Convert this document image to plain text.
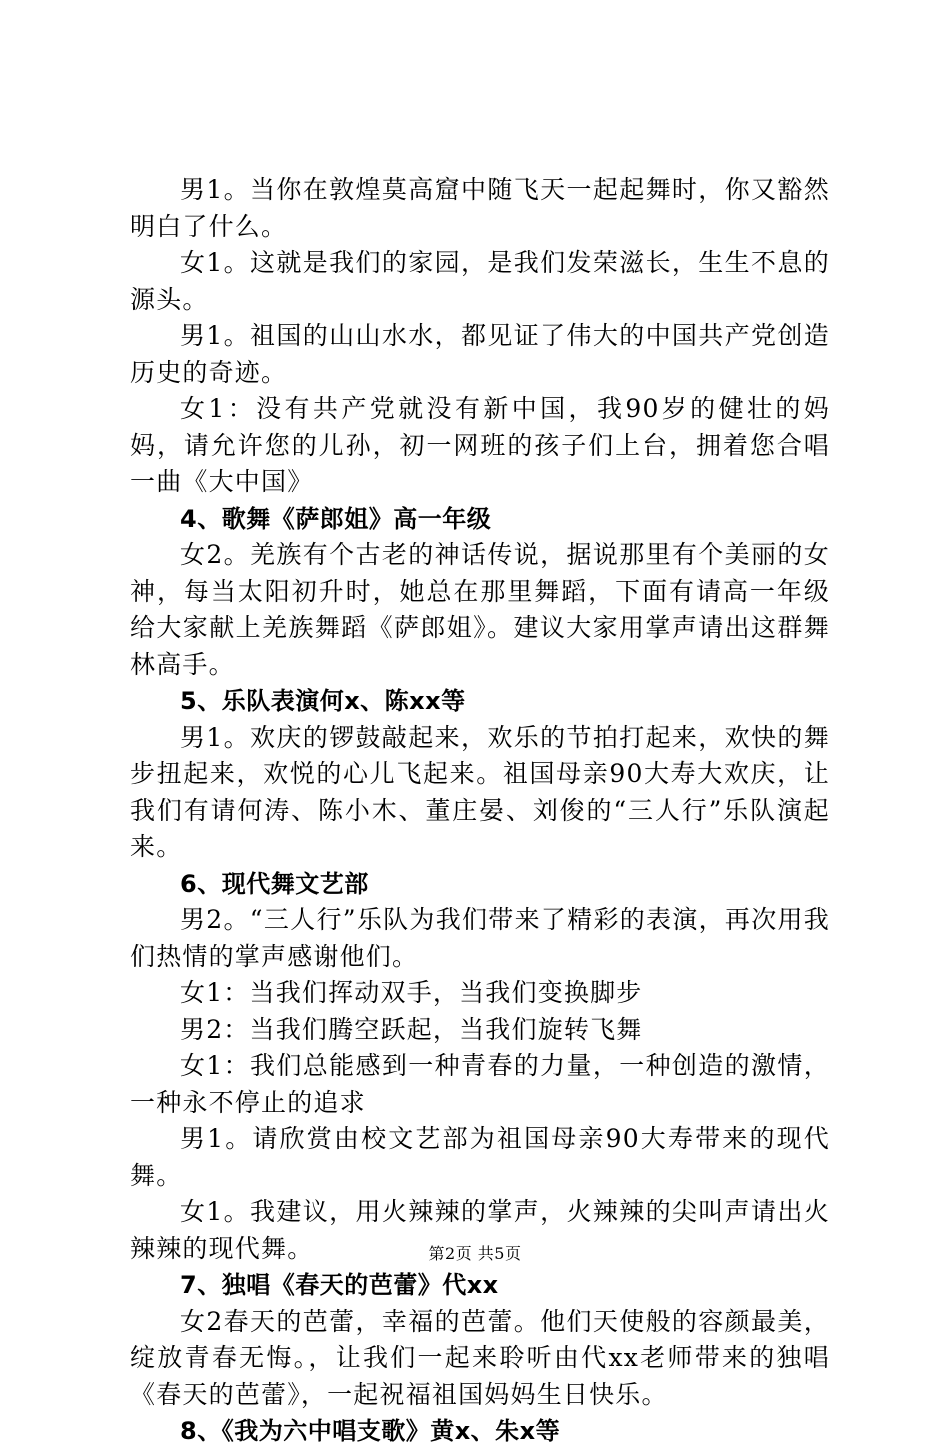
男1。当你在敦煌莫高窟中随飞天一起起舞时，你又豁然明白了什么。

女1。这就是我们的家园，是我们发荣滋长，生生不息的源头。

男1。祖国的山山水水，都见证了伟大的中国共产党创造历史的奇迹。

女1：没有共产党就没有新中国，我90岁的健壮的妈妈，请允许您的儿孙，初一网班的孩子们上台，拥着您合唱一曲《大中国》

4、歌舞《萨郎姐》高一年级

女2。羌族有个古老的神话传说，据说那里有个美丽的女神，每当太阳初升时，她总在那里舞蹈，下面有请高一年级给大家献上羌族舞蹈《萨郎姐》。建议大家用掌声请出这群舞林高手。

5、乐队表演何x、陈xx等

男1。欢庆的锣鼓敲起来，欢乐的节拍打起来，欢快的舞步扭起来，欢悦的心儿飞起来。祖国母亲90大寿大欢庆，让我们有请何涛、陈小木、董庄晏、刘俊的“三人行”乐队演起来。

6、现代舞文艺部

男2。“三人行”乐队为我们带来了精彩的表演，再次用我们热情的掌声感谢他们。

女1：当我们挥动双手，当我们变换脚步

男2：当我们腾空跃起，当我们旋转飞舞

女1：我们总能感到一种青春的力量，一种创造的激情，一种永不停止的追求

男1。请欣赏由校文艺部为祖国母亲90大寿带来的现代舞。

女1。我建议，用火辣辣的掌声，火辣辣的尖叫声请出火辣辣的现代舞。

7、独唱《春天的芭蕾》代xx

女2春天的芭蕾，幸福的芭蕾。他们天使般的容颜最美，绽放青春无悔。，让我们一起来聆听由代xx老师带来的独唱《春天的芭蕾》，一起祝福祖国妈妈生日快乐。

8、《我为六中唱支歌》黄x、朱x等

第2页 共5页
